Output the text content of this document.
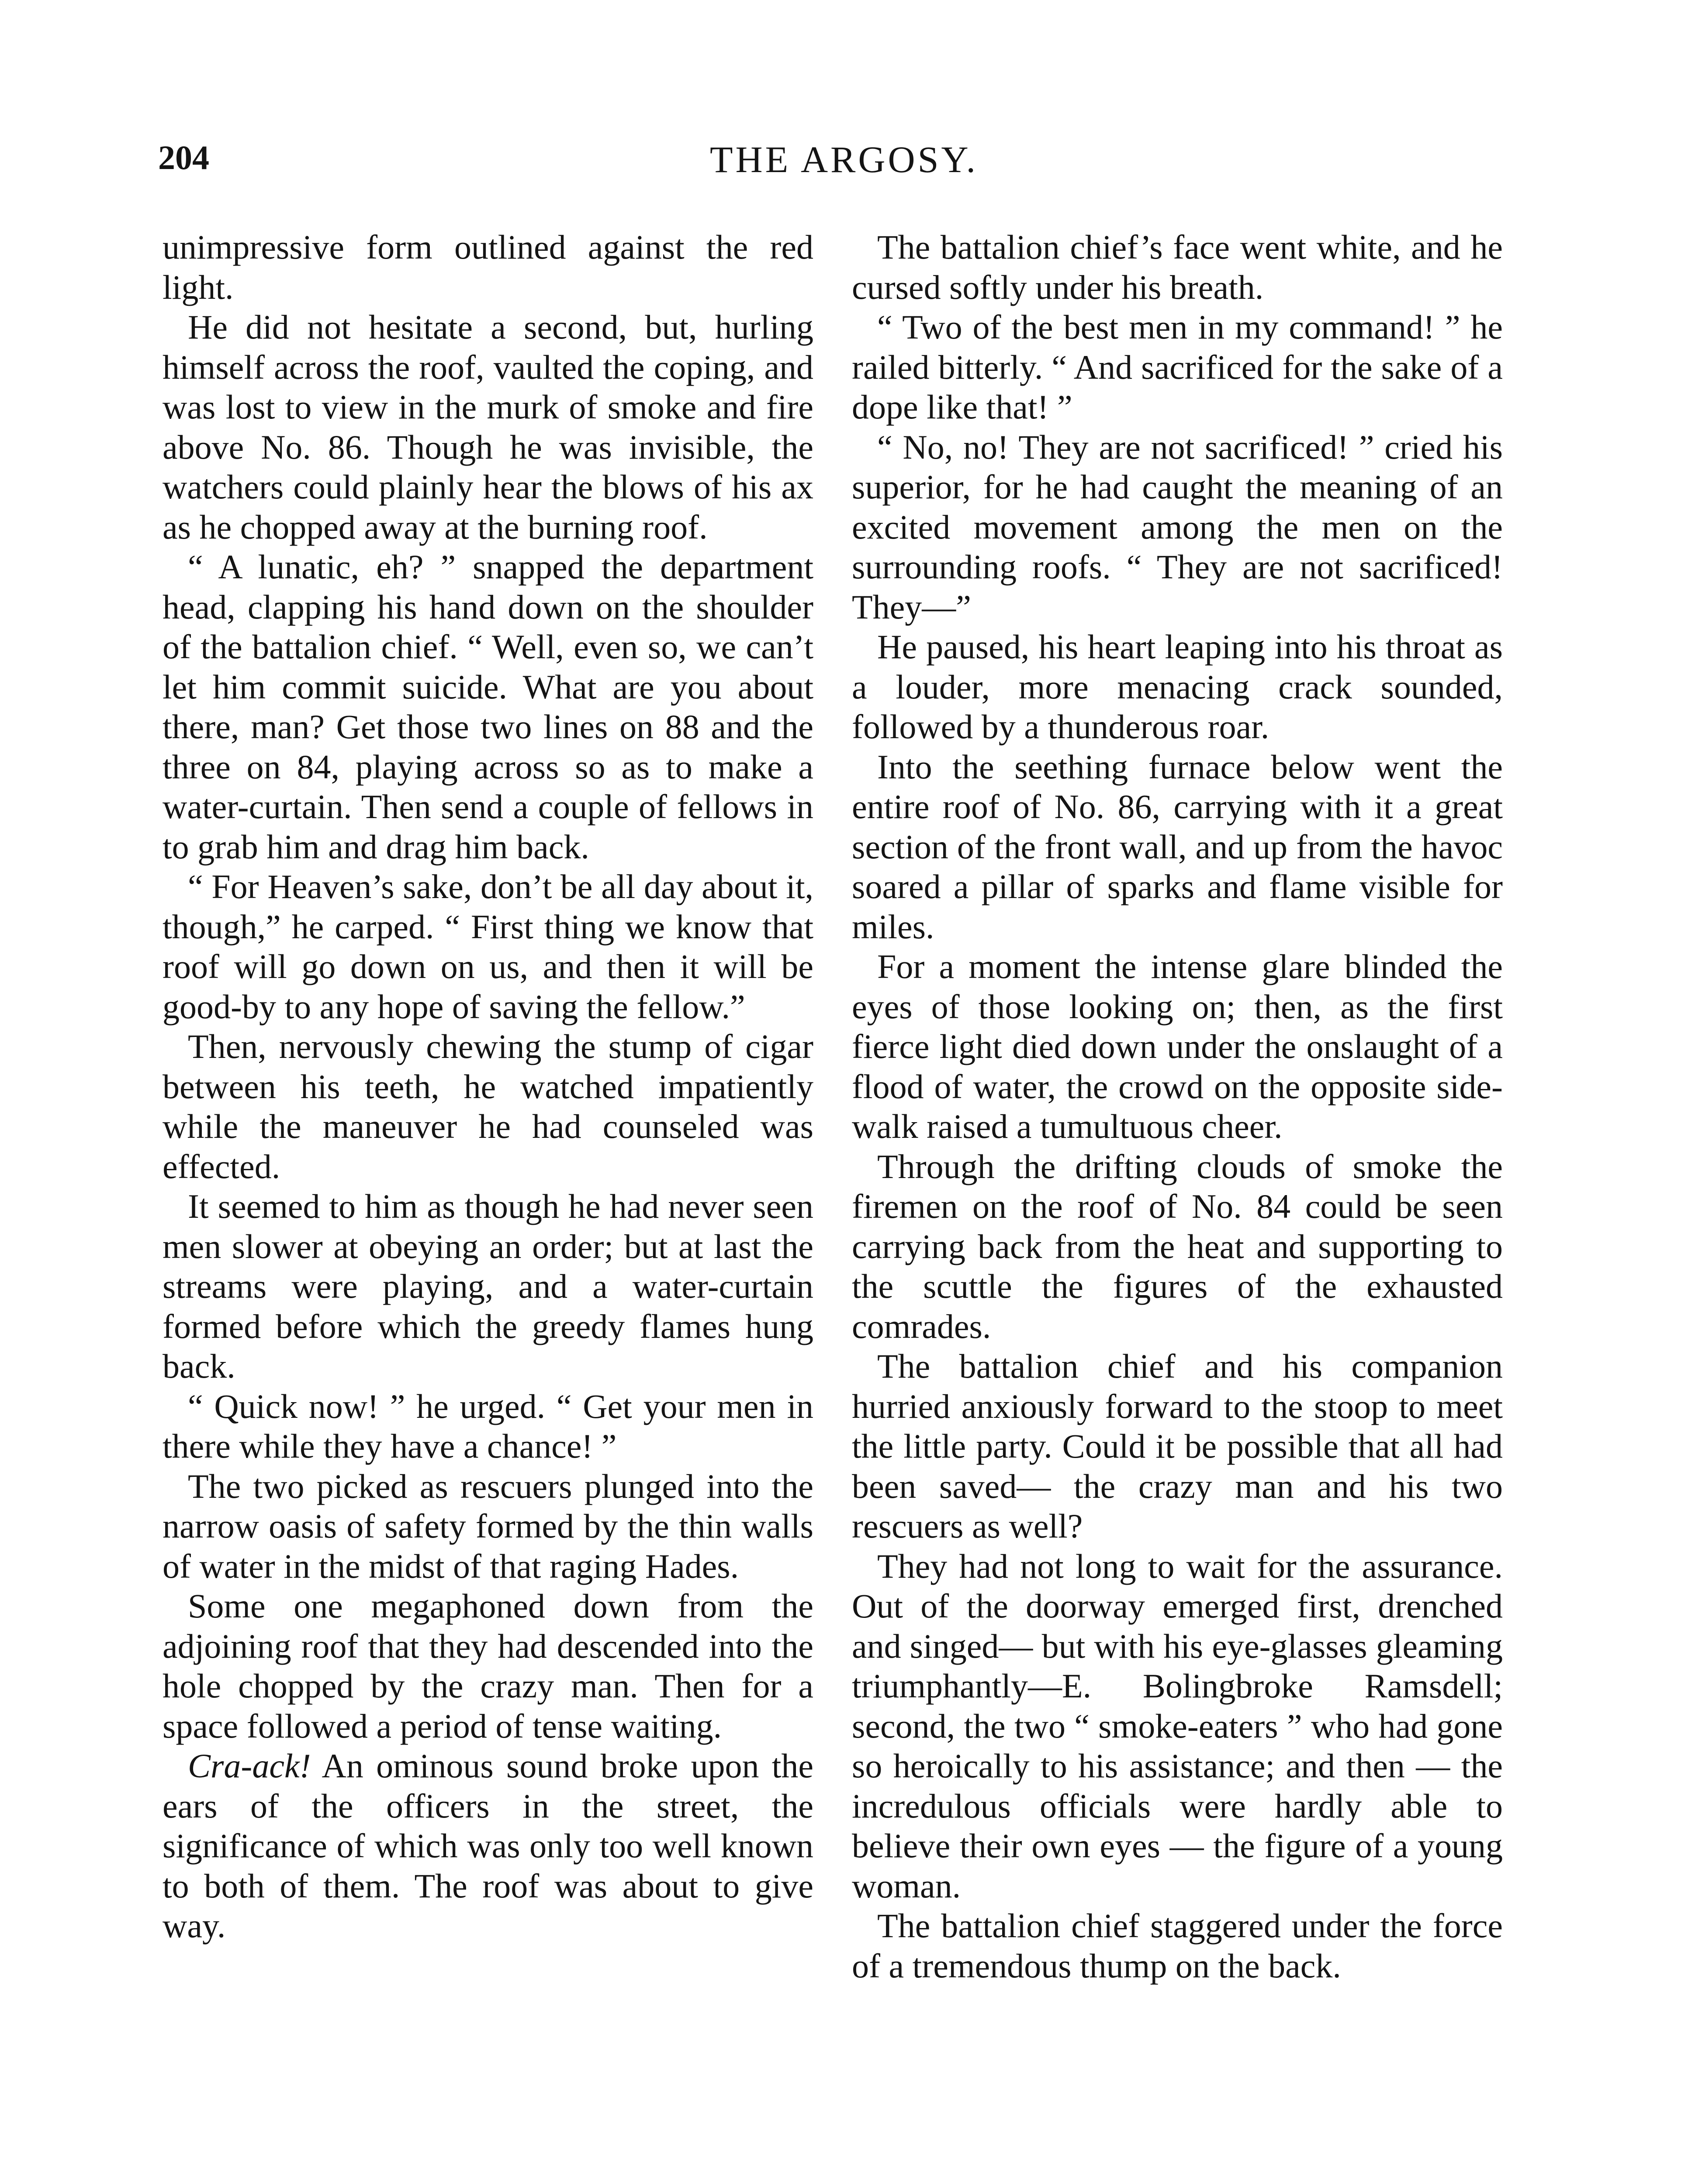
204	THE ARGOSY.

unimpressive form outlined against the red light.

He did not hesitate a second, but, hurling himself across the roof, vaulted the coping, and was lost to view in the murk of smoke and fire above No. 86. Though he was invisible, the watchers could plainly hear the blows of his ax as he chopped away at the burning roof.

“ A lunatic, eh? ” snapped the department head, clapping his hand down on the shoulder of the battalion chief. “ Well, even so, we can’t let him commit suicide. What are you about there, man? Get those two lines on 88 and the three on 84, playing across so as to make a water-curtain. Then send a couple of fellows in to grab him and drag him back.

“ For Heaven’s sake, don’t be all day about it, though,” he carped. “ First thing we know that roof will go down on us, and then it will be good-by to any hope of saving the fellow.”

Then, nervously chewing the stump of cigar between his teeth, he watched impatiently while the maneuver he had counseled was effected.

It seemed to him as though he had never seen men slower at obeying an order; but at last the streams were playing, and a water-curtain formed before which the greedy flames hung back.

“ Quick now! ” he urged. “ Get your men in there while they have a chance! ”

The two picked as rescuers plunged into the narrow oasis of safety formed by the thin walls of water in the midst of that raging Hades.

Some one megaphoned down from the adjoining roof that they had descended into the hole chopped by the crazy man. Then for a space followed a period of tense waiting.

Cra-ack! An ominous sound broke upon the ears of the officers in the street, the significance of which was only too well known to both of them. The roof was about to give way.

The battalion chief’s face went white, and he cursed softly under his breath.

“ Two of the best men in my command! ” he railed bitterly. “ And sacrificed for the sake of a dope like that! ”

“ No, no! They are not sacrificed! ” cried his superior, for he had caught the meaning of an excited movement among the men on the surrounding roofs. “ They are not sacrificed! They—”

He paused, his heart leaping into his throat as a louder, more menacing crack sounded, followed by a thunderous roar.

Into the seething furnace below went the entire roof of No. 86, carrying with it a great section of the front wall, and up from the havoc soared a pillar of sparks and flame visible for miles.

For a moment the intense glare blinded the eyes of those looking on; then, as the first fierce light died down under the onslaught of a flood of water, the crowd on the opposite sidewalk raised a tumultuous cheer.

Through the drifting clouds of smoke the firemen on the roof of No. 84 could be seen carrying back from the heat and supporting to the scuttle the figures of the exhausted comrades.

The battalion chief and his companion hurried anxiously forward to the stoop to meet the little party. Could it be possible that all had been saved— the crazy man and his two rescuers as well?

They had not long to wait for the assurance. Out of the doorway emerged first, drenched and singed— but with his eye-glasses gleaming triumphantly—E. Bolingbroke Ramsdell; second, the two “ smoke-eaters ” who had gone so heroically to his assistance; and then — the incredulous officials were hardly able to believe their own eyes — the figure of a young woman.

The battalion chief staggered under the force of a tremendous thump on the back.
